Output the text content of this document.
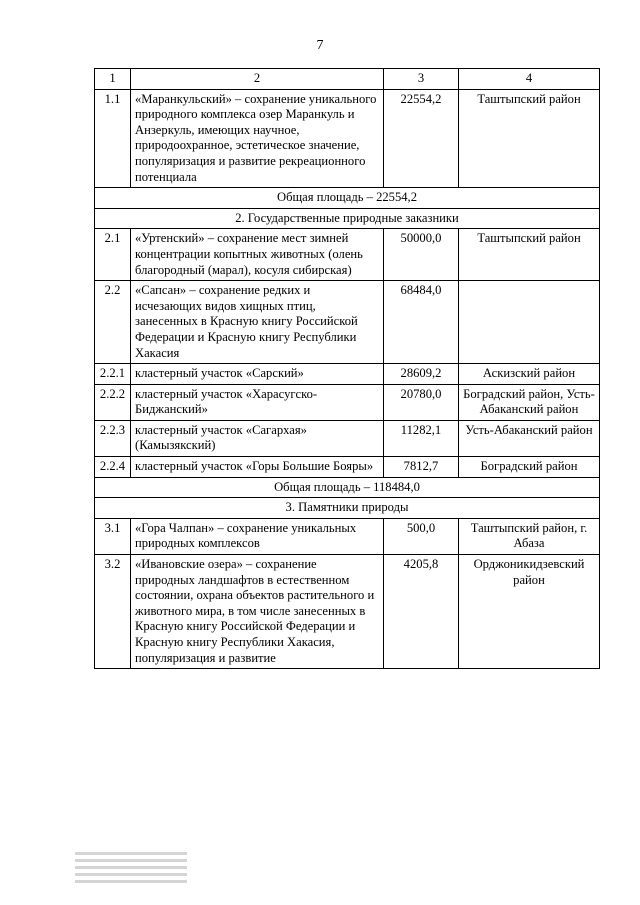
7
1	2	3	4
1.1	«Маранкульский» – сохранение уникального природного комплекса озер Маранкуль и Анзеркуль, имеющих научное, природоохранное, эстетическое значение, популяризация и развитие рекреационного потенциала	22554,2	Таштыпский район
Общая площадь – 22554,2			
2. Государственные природные заказники			
2.1	«Уртенский» – сохранение мест зимней концентрации копытных животных (олень благородный (марал), косуля сибирская)	50000,0	Таштыпский район
2.2	«Сапсан» – сохранение редких и исчезающих видов хищных птиц, занесенных в Красную книгу Российской Федерации и Красную книгу Республики Хакасия	68484,0	
2.2.1	кластерный участок «Сарский»	28609,2	Аскизский район
2.2.2	кластерный участок «Харасугско-Биджанский»	20780,0	Боградский район, Усть-Абаканский район
2.2.3	кластерный участок «Сагархая» (Камызякский)	11282,1	Усть-Абаканский район
2.2.4	кластерный участок «Горы Большие Бояры»	7812,7	Боградский район
Общая площадь – 118484,0			
3. Памятники природы			
3.1	«Гора Чалпан» – сохранение уникальных природных комплексов	500,0	Таштыпский район, г. Абаза
3.2	«Ивановские озера» – сохранение природных ландшафтов в естественном состоянии, охрана объектов растительного и животного мира, в том числе занесенных в Красную книгу Российской Федерации и Красную книгу Республики Хакасия, популяризация и развитие	4205,8	Орджоникидзевский район
